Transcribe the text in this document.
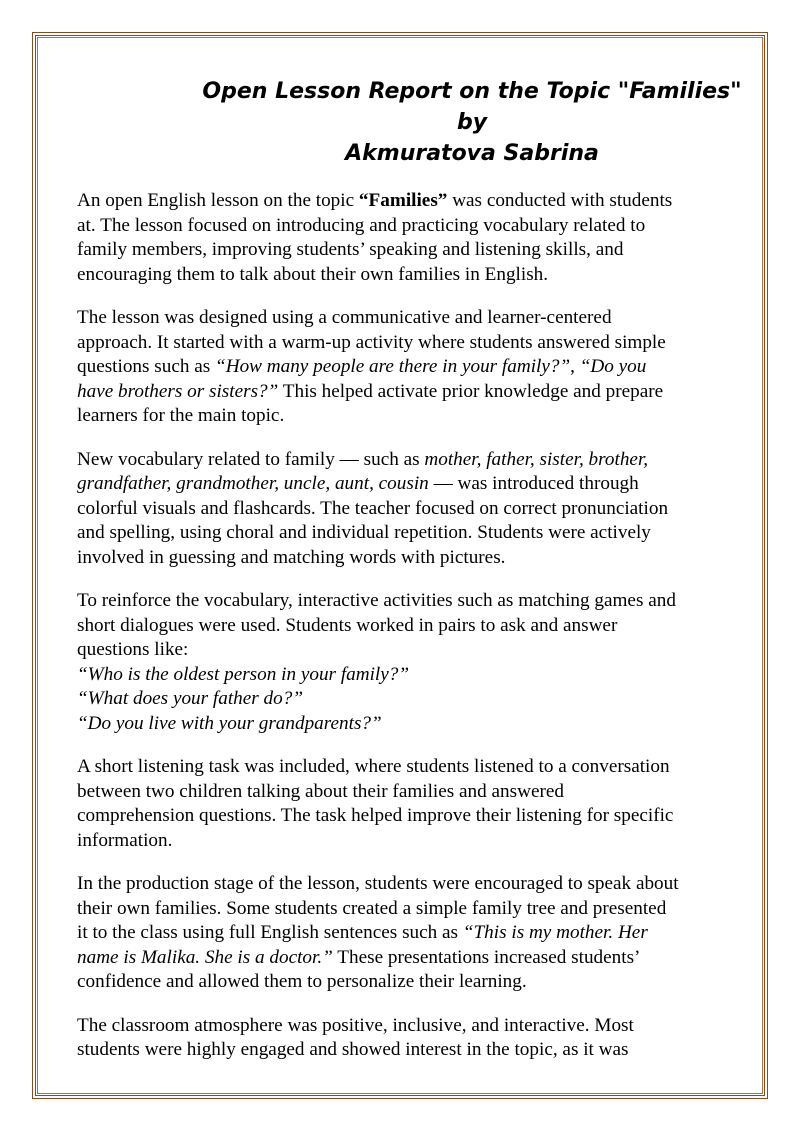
Open Lesson Report on the Topic "Families" by
Akmuratova Sabrina
An open English lesson on the topic “Families” was conducted with students
at. The lesson focused on introducing and practicing vocabulary related to
family members, improving students’ speaking and listening skills, and
encouraging them to talk about their own families in English.
The lesson was designed using a communicative and learner-centered
approach. It started with a warm-up activity where students answered simple
questions such as “How many people are there in your family?”, “Do you
have brothers or sisters?” This helped activate prior knowledge and prepare
learners for the main topic.
New vocabulary related to family — such as mother, father, sister, brother,
grandfather, grandmother, uncle, aunt, cousin — was introduced through
colorful visuals and flashcards. The teacher focused on correct pronunciation
and spelling, using choral and individual repetition. Students were actively
involved in guessing and matching words with pictures.
To reinforce the vocabulary, interactive activities such as matching games and
short dialogues were used. Students worked in pairs to ask and answer
questions like:
“Who is the oldest person in your family?”
“What does your father do?”
“Do you live with your grandparents?”
A short listening task was included, where students listened to a conversation
between two children talking about their families and answered
comprehension questions. The task helped improve their listening for specific
information.
In the production stage of the lesson, students were encouraged to speak about
their own families. Some students created a simple family tree and presented
it to the class using full English sentences such as “This is my mother. Her
name is Malika. She is a doctor.” These presentations increased students’
confidence and allowed them to personalize their learning.
The classroom atmosphere was positive, inclusive, and interactive. Most
students were highly engaged and showed interest in the topic, as it was
